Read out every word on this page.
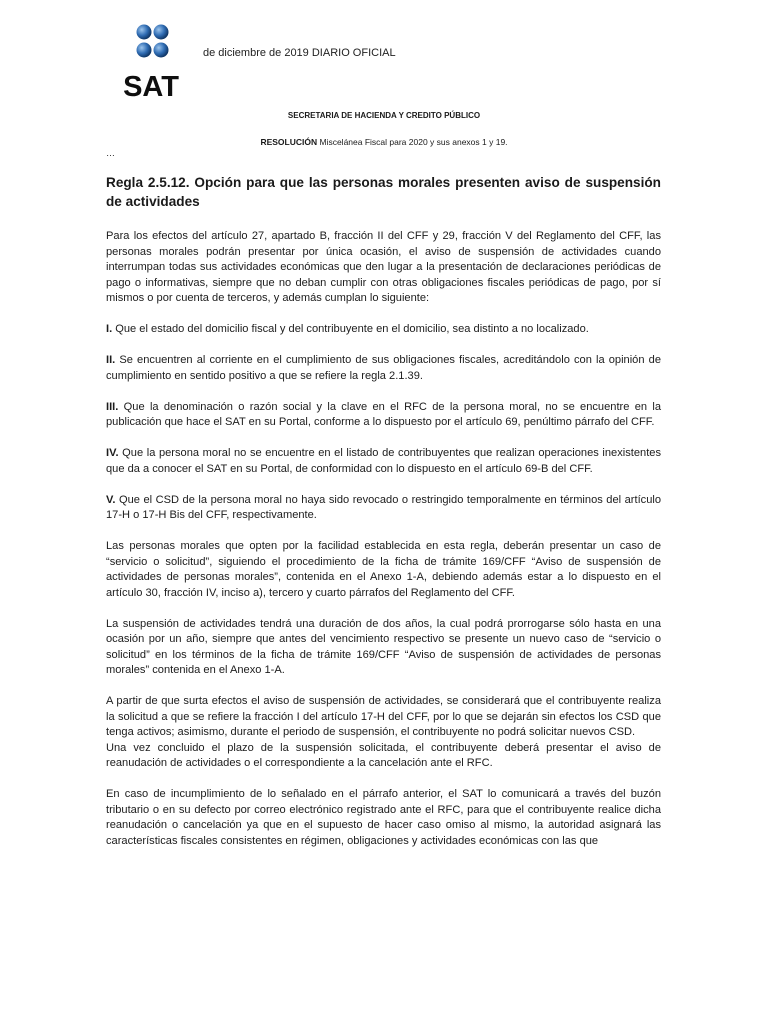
SAT
de diciembre de 2019 DIARIO OFICIAL
SECRETARIA DE HACIENDA Y CREDITO PÚBLICO
RESOLUCIÓN Miscelánea Fiscal para 2020 y sus anexos 1 y 19.
…
Regla 2.5.12. Opción para que las personas morales presenten aviso de suspensión de actividades

Para los efectos del artículo 27, apartado B, fracción II del CFF y 29, fracción V del Reglamento del CFF, las personas morales podrán presentar por única ocasión, el aviso de suspensión de actividades cuando interrumpan todas sus actividades económicas que den lugar a la presentación de declaraciones periódicas de pago o informativas, siempre que no deban cumplir con otras obligaciones fiscales periódicas de pago, por sí mismos o por cuenta de terceros, y además cumplan lo siguiente:

I. Que el estado del domicilio fiscal y del contribuyente en el domicilio, sea distinto a no localizado.

II. Se encuentren al corriente en el cumplimiento de sus obligaciones fiscales, acreditándolo con la opinión de cumplimiento en sentido positivo a que se refiere la regla 2.1.39.

III. Que la denominación o razón social y la clave en el RFC de la persona moral, no se encuentre en la publicación que hace el SAT en su Portal, conforme a lo dispuesto por el artículo 69, penúltimo párrafo del CFF.

IV. Que la persona moral no se encuentre en el listado de contribuyentes que realizan operaciones inexistentes que da a conocer el SAT en su Portal, de conformidad con lo dispuesto en el artículo 69-B del CFF.

V. Que el CSD de la persona moral no haya sido revocado o restringido temporalmente en términos del artículo 17-H o 17-H Bis del CFF, respectivamente.

Las personas morales que opten por la facilidad establecida en esta regla, deberán presentar un caso de “servicio o solicitud”, siguiendo el procedimiento de la ficha de trámite 169/CFF “Aviso de suspensión de actividades de personas morales”, contenida en el Anexo 1-A, debiendo además estar a lo dispuesto en el artículo 30, fracción IV, inciso a), tercero y cuarto párrafos del Reglamento del CFF.

La suspensión de actividades tendrá una duración de dos años, la cual podrá prorrogarse sólo hasta en una ocasión por un año, siempre que antes del vencimiento respectivo se presente un nuevo caso de “servicio o solicitud” en los términos de la ficha de trámite 169/CFF “Aviso de suspensión de actividades de personas morales” contenida en el Anexo 1-A.

A partir de que surta efectos el aviso de suspensión de actividades, se considerará que el contribuyente realiza la solicitud a que se refiere la fracción I del artículo 17-H del CFF, por lo que se dejarán sin efectos los CSD que tenga activos; asimismo, durante el periodo de suspensión, el contribuyente no podrá solicitar nuevos CSD.

Una vez concluido el plazo de la suspensión solicitada, el contribuyente deberá presentar el aviso de reanudación de actividades o el correspondiente a la cancelación ante el RFC.

En caso de incumplimiento de lo señalado en el párrafo anterior, el SAT lo comunicará a través del buzón tributario o en su defecto por correo electrónico registrado ante el RFC, para que el contribuyente realice dicha reanudación o cancelación ya que en el supuesto de hacer caso omiso al mismo, la autoridad asignará las características fiscales consistentes en régimen, obligaciones y actividades económicas con las que
